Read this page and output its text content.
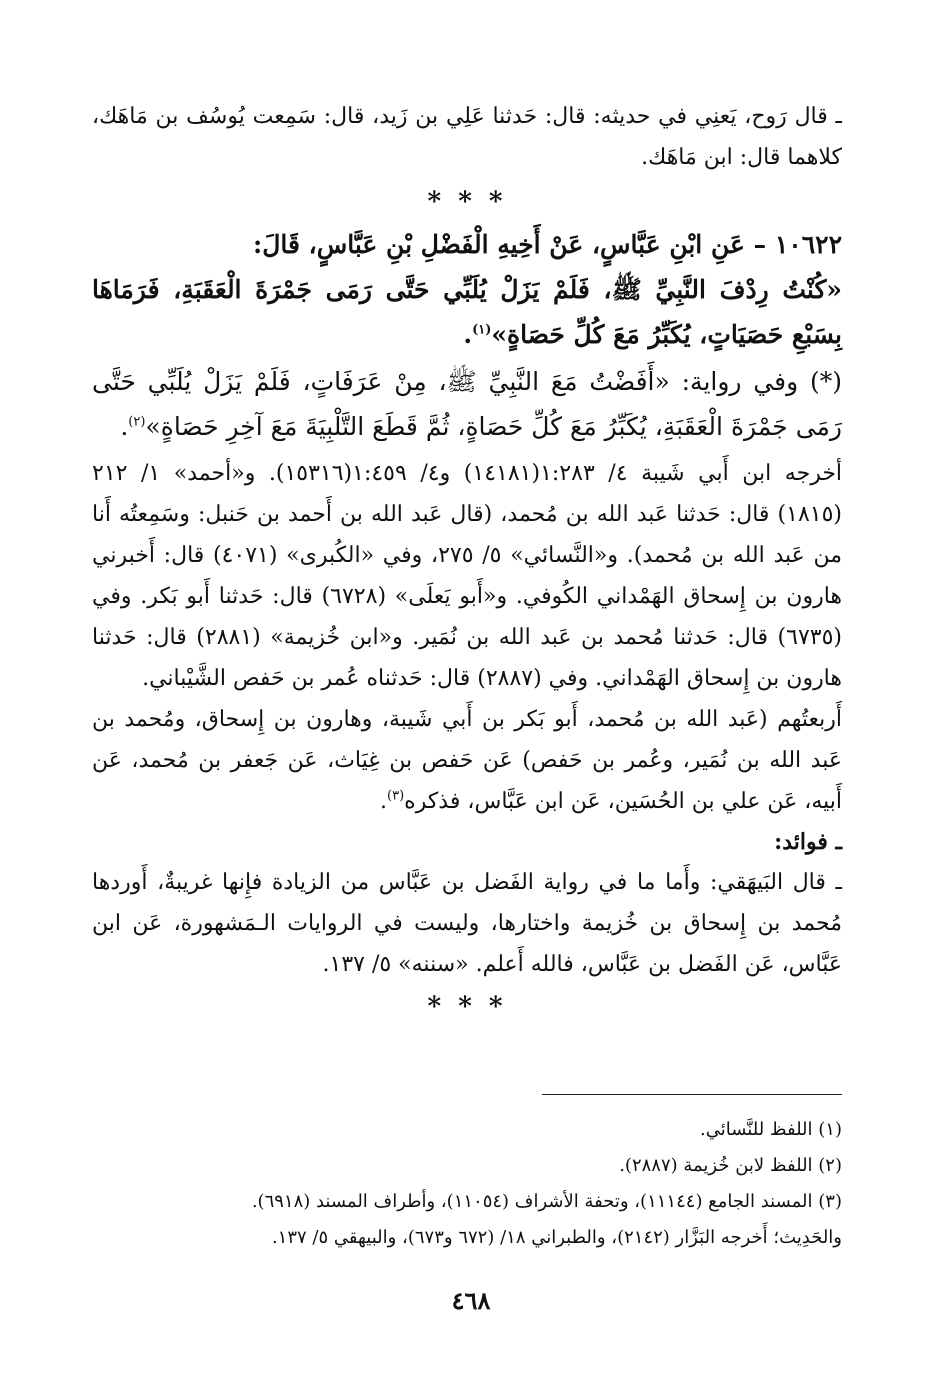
ـ قال رَوح، يَعنِي في حديثه: قال: حَدثنا عَلِي بن زَيد، قال: سَمِعت يُوسُف بن مَاهَك، كلاهما قال: ابن مَاهَك.

* * *

١٠٦٢٢ – عَنِ ابْنِ عَبَّاسٍ، عَنْ أَخِيهِ الْفَضْلِ بْنِ عَبَّاسٍ، قَالَ:

«كُنْتُ رِدْفَ النَّبِيِّ ﷺ، فَلَمْ يَزَلْ يُلَبِّي حَتَّى رَمَى جَمْرَةَ الْعَقَبَةِ، فَرَمَاهَا بِسَبْعِ حَصَيَاتٍ، يُكَبِّرُ مَعَ كُلِّ حَصَاةٍ»$^{(١)}$.

(*) وفي رواية: «أَفَضْتُ مَعَ النَّبِيِّ ﷺ، مِنْ عَرَفَاتٍ، فَلَمْ يَزَلْ يُلَبِّي حَتَّى رَمَى جَمْرَةَ الْعَقَبَةِ، يُكَبِّرُ مَعَ كُلِّ حَصَاةٍ، ثُمَّ قَطَعَ التَّلْبِيَةَ مَعَ آخِرِ حَصَاةٍ»$^{(٢)}$.

أخرجه ابن أَبي شَيبة ٤/ ١:٢٨٣(١٤١٨١) و٤/ ١:٤٥٩(١٥٣١٦). و«أحمد» ١/ ٢١٢ (١٨١٥) قال: حَدثنا عَبد الله بن مُحمد، (قال عَبد الله بن أَحمد بن حَنبل: وسَمِعتُه أَنا من عَبد الله بن مُحمد). و«النَّسائي» ٥/ ٢٧٥، وفي «الكُبرى» (٤٠٧١) قال: أَخبرني هارون بن إِسحاق الهَمْداني الكُوفي. و«أَبو يَعلَى» (٦٧٢٨) قال: حَدثنا أَبو بَكر. وفي (٦٧٣٥) قال: حَدثنا مُحمد بن عَبد الله بن نُمَير. و«ابن خُزيمة» (٢٨٨١) قال: حَدثنا هارون بن إِسحاق الهَمْداني. وفي (٢٨٨٧) قال: حَدثناه عُمر بن حَفص الشَّيْباني.

أَربعتُهم (عَبد الله بن مُحمد، أَبو بَكر بن أَبي شَيبة، وهارون بن إِسحاق، ومُحمد بن عَبد الله بن نُمَير، وعُمر بن حَفص) عَن حَفص بن غِيَاث، عَن جَعفر بن مُحمد، عَن أَبيه، عَن علي بن الحُسَين، عَن ابن عَبَّاس، فذكره$^{(٣)}$.

ـ فوائد:

ـ قال البَيهَقي: وأَما ما في رواية الفَضل بن عَبَّاس من الزيادة فإِنها غريبةٌ، أَوردها مُحمد بن إِسحاق بن خُزيمة واختارها، وليست في الروايات الـمَشهورة، عَن ابن عَبَّاس، عَن الفَضل بن عَبَّاس، فالله أَعلم. «سننه» ٥/ ١٣٧.

* * *

(١) اللفظ للنَّسائي.

(٢) اللفظ لابن خُزيمة (٢٨٨٧).

(٣) المسند الجامع (١١١٤٤)، وتحفة الأشراف (١١٠٥٤)، وأطراف المسند (٦٩١٨).

والحَدِيث؛ أَخرجه البَزَّار (٢١٤٢)، والطبراني ١٨/ (٦٧٢ و٦٧٣)، والبيهقي ٥/ ١٣٧.

٤٦٨
